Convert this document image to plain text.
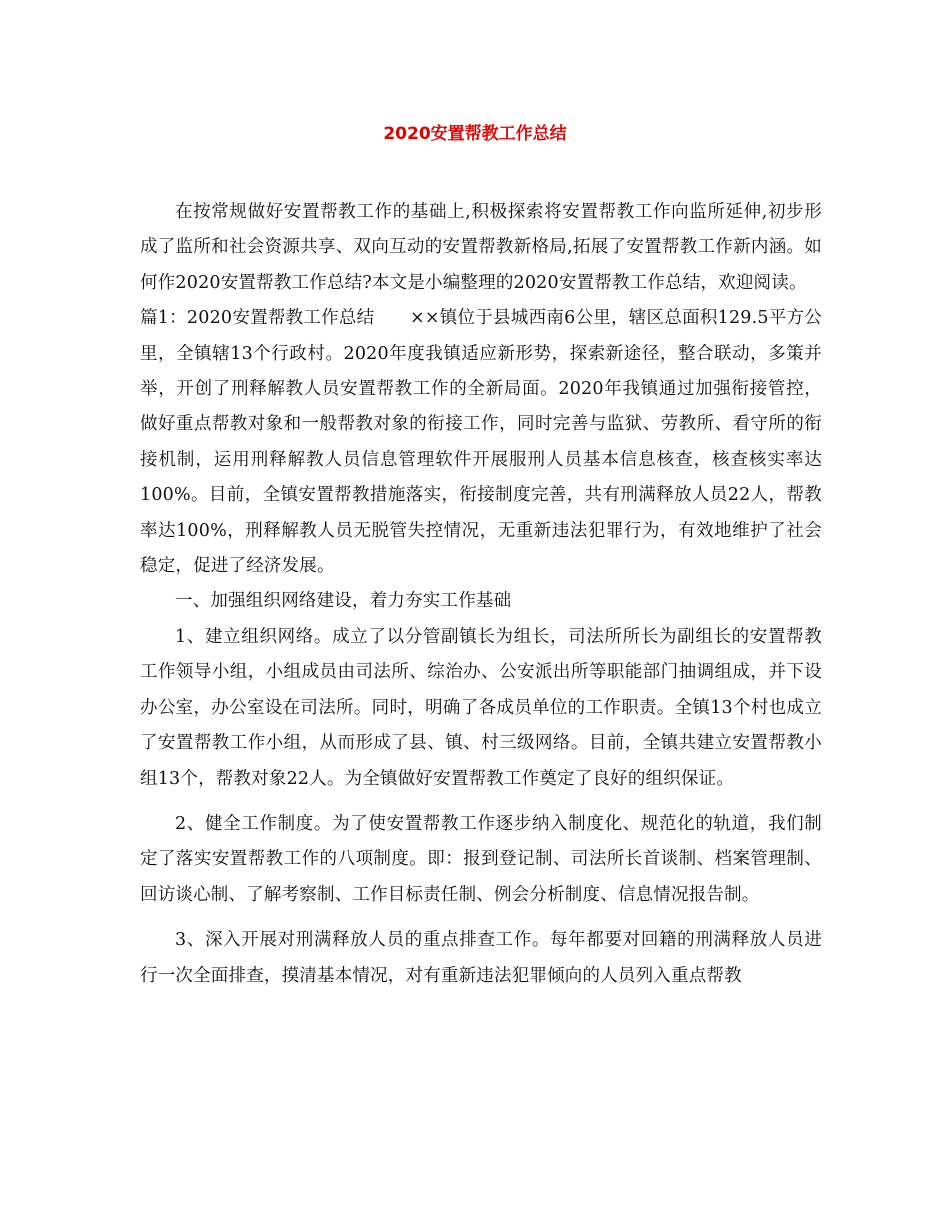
2020安置帮教工作总结

在按常规做好安置帮教工作的基础上,积极探索将安置帮教工作向监所延伸,初步形成了监所和社会资源共享、双向互动的安置帮教新格局,拓展了安置帮教工作新内涵。如何作2020安置帮教工作总结?本文是小编整理的2020安置帮教工作总结，欢迎阅读。

篇1：2020安置帮教工作总结　　××镇位于县城西南6公里，辖区总面积129.5平方公里，全镇辖13个行政村。2020年度我镇适应新形势，探索新途径，整合联动，多策并举，开创了刑释解教人员安置帮教工作的全新局面。2020年我镇通过加强衔接管控，做好重点帮教对象和一般帮教对象的衔接工作，同时完善与监狱、劳教所、看守所的衔接机制，运用刑释解教人员信息管理软件开展服刑人员基本信息核查，核查核实率达100%。目前，全镇安置帮教措施落实，衔接制度完善，共有刑满释放人员22人，帮教率达100%，刑释解教人员无脱管失控情况，无重新违法犯罪行为，有效地维护了社会稳定，促进了经济发展。

一、加强组织网络建设，着力夯实工作基础

1、建立组织网络。成立了以分管副镇长为组长，司法所所长为副组长的安置帮教工作领导小组，小组成员由司法所、综治办、公安派出所等职能部门抽调组成，并下设办公室，办公室设在司法所。同时，明确了各成员单位的工作职责。全镇13个村也成立了安置帮教工作小组，从而形成了县、镇、村三级网络。目前，全镇共建立安置帮教小组13个，帮教对象22人。为全镇做好安置帮教工作奠定了良好的组织保证。

2、健全工作制度。为了使安置帮教工作逐步纳入制度化、规范化的轨道，我们制定了落实安置帮教工作的八项制度。即：报到登记制、司法所长首谈制、档案管理制、回访谈心制、了解考察制、工作目标责任制、例会分析制度、信息情况报告制。

3、深入开展对刑满释放人员的重点排查工作。每年都要对回籍的刑满释放人员进行一次全面排查，摸清基本情况，对有重新违法犯罪倾向的人员列入重点帮教
